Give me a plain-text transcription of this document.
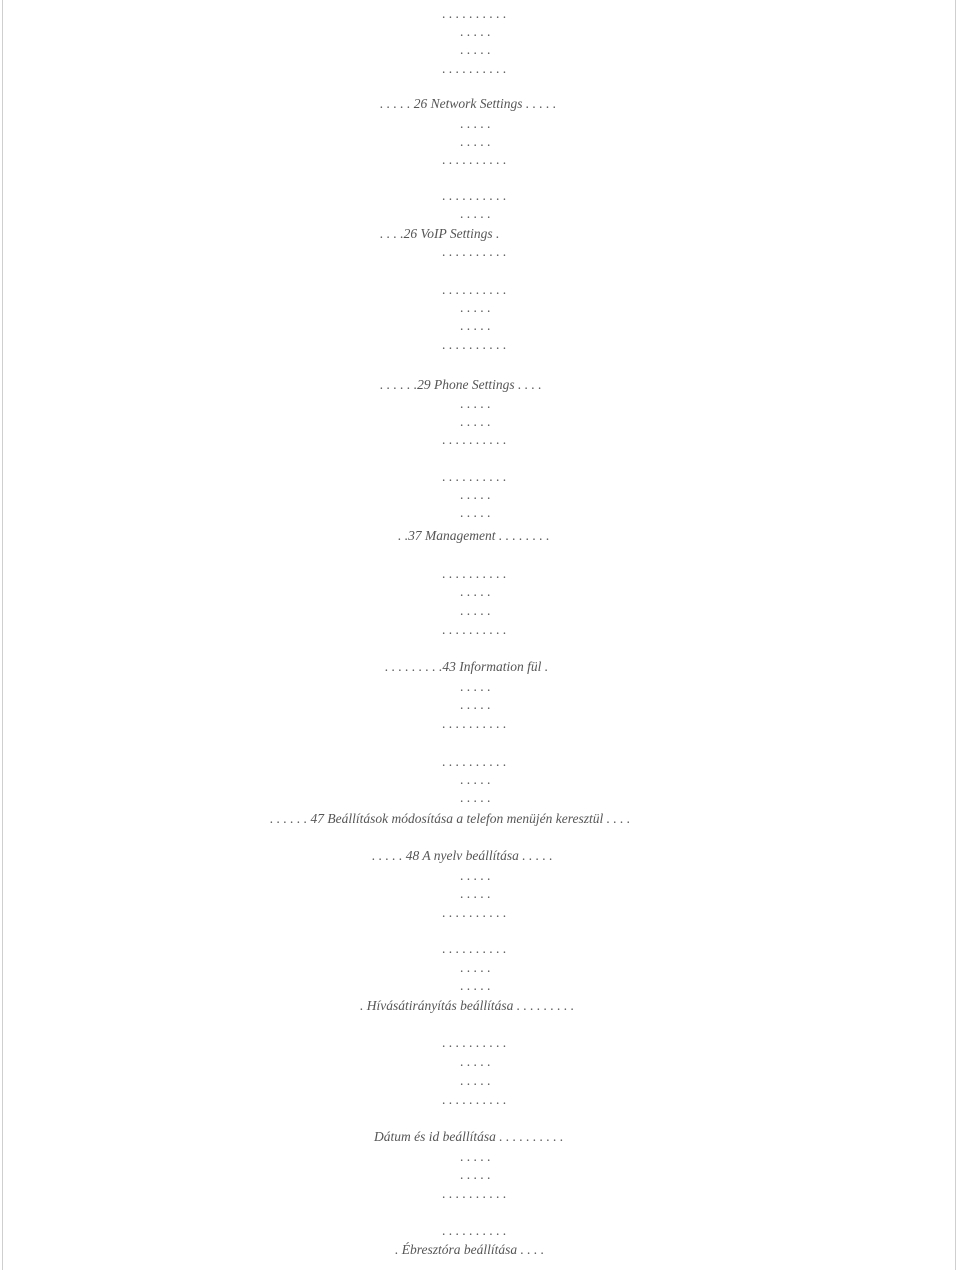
. . . . . . . . . .
. . . . .
. . . . .
. . . . . . . . . .
. . . . . 26 Network Settings . . . . .
. . . . .
. . . . .
. . . . . . . . . .
. . . . . . . . . .
. . . . .
. . . .26 VoIP Settings .
. . . . . . . . . .
. . . . . . . . . .
. . . . .
. . . . .
. . . . . . . . . .
. . . . . .29 Phone Settings . . . .
. . . . .
. . . . .
. . . . . . . . . .
. . . . . . . . . .
. . . . .
. . . . .
. .37 Management . . . . . . . .
. . . . . . . . . .
. . . . .
. . . . .
. . . . . . . . . .
. . . . . . . . .43 Information fül .
. . . . .
. . . . .
. . . . . . . . . .
. . . . . . . . . .
. . . . .
. . . . .
. . . . . . 47 Beállítások módosítása a telefon menüjén keresztül . . . .
. . . . . 48 A nyelv beállítása . . . . .
. . . . .
. . . . .
. . . . . . . . . .
. . . . . . . . . .
. . . . .
. . . . .
. Hívásátirányítás beállítása . . . . . . . . .
. . . . . . . . . .
. . . . .
. . . . .
. . . . . . . . . .
Dátum és id beállítása . . . . . . . . . .
. . . . .
. . . . .
. . . . . . . . . .
. . . . . . . . . .
. Ébresztóra beállítása . . . .
